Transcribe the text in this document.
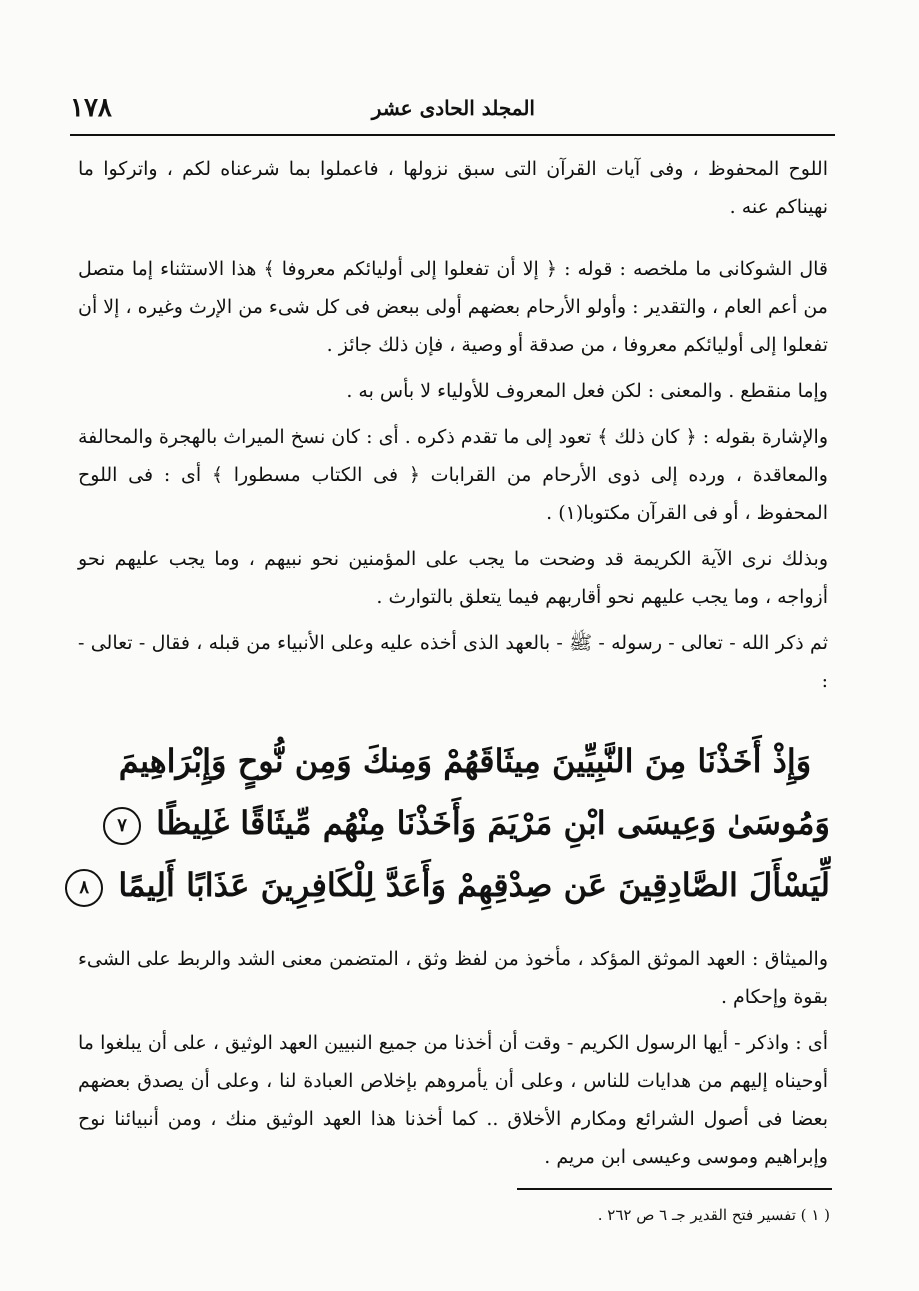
١٧٨	المجلد الحادى عشر

اللوح المحفوظ ، وفى آيات القرآن التى سبق نزولها ، فاعملوا بما شرعناه لكم ، واتركوا ما نهيناكم عنه .

قال الشوكانى ما ملخصه : قوله : ﴿ إلا أن تفعلوا إلى أوليائكم معروفا ﴾ هذا الاستثناء إما متصل من أعم العام ، والتقدير : وأولو الأرحام بعضهم أولى ببعض فى كل شىء من الإرث وغيره ، إلا أن تفعلوا إلى أوليائكم معروفا ، من صدقة أو وصية ، فإن ذلك جائز .

وإما منقطع . والمعنى : لكن فعل المعروف للأولياء لا بأس به .

والإشارة بقوله : ﴿ كان ذلك ﴾ تعود إلى ما تقدم ذكره . أى : كان نسخ الميراث بالهجرة والمحالفة والمعاقدة ، ورده إلى ذوى الأرحام من القرابات ﴿ فى الكتاب مسطورا ﴾ أى : فى اللوح المحفوظ ، أو فى القرآن مكتوبا(١) .

وبذلك نرى الآية الكريمة قد وضحت ما يجب على المؤمنين نحو نبيهم ، وما يجب عليهم نحو أزواجه ، وما يجب عليهم نحو أقاربهم فيما يتعلق بالتوارث .

ثم ذكر الله - تعالى - رسوله - ﷺ - بالعهد الذى أخذه عليه وعلى الأنبياء من قبله ، فقال - تعالى - :

وَإِذْ أَخَذْنَا مِنَ النَّبِيِّينَ مِيثَاقَهُمْ وَمِنكَ وَمِن نُّوحٍ وَإِبْرَاهِيمَ
وَمُوسَىٰ وَعِيسَى ابْنِ مَرْيَمَ وَأَخَذْنَا مِنْهُم مِّيثَاقًا غَلِيظًا ٧
لِّيَسْأَلَ الصَّادِقِينَ عَن صِدْقِهِمْ وَأَعَدَّ لِلْكَافِرِينَ عَذَابًا أَلِيمًا ٨

والميثاق : العهد الموثق المؤكد ، مأخوذ من لفظ وثق ، المتضمن معنى الشد والربط على الشىء بقوة وإحكام .

أى : واذكر - أيها الرسول الكريم - وقت أن أخذنا من جميع النبيين العهد الوثيق ، على أن يبلغوا ما أوحيناه إليهم من هدايات للناس ، وعلى أن يأمروهم بإخلاص العبادة لنا ، وعلى أن يصدق بعضهم بعضا فى أصول الشرائع ومكارم الأخلاق .. كما أخذنا هذا العهد الوثيق منك ، ومن أنبيائنا نوح وإبراهيم وموسى وعيسى ابن مريم .

( ١ ) تفسير فتح القدير جـ ٦ ص ٢٦٢ .
